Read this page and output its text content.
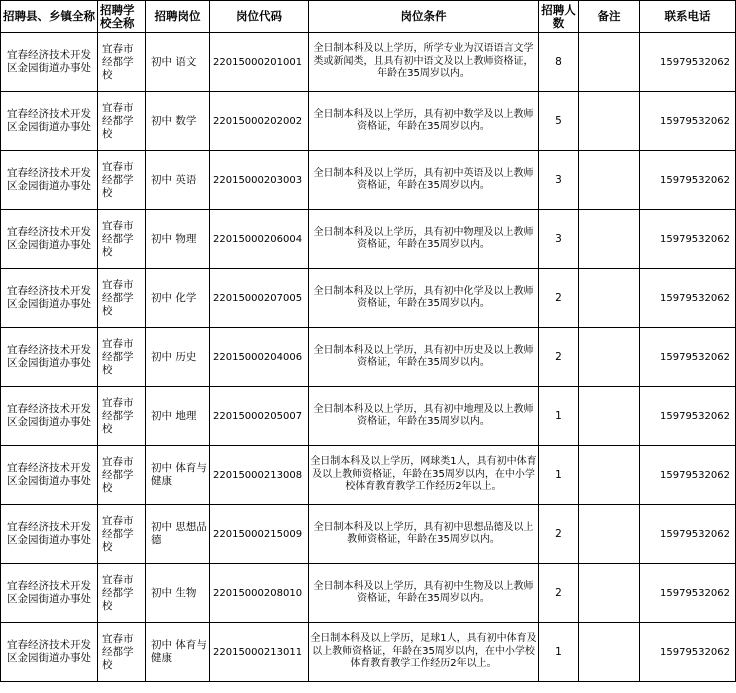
招聘县、乡镇全称	招聘学校全称	招聘岗位	岗位代码	岗位条件	招聘人数	备注	联系电话
宜春经济技术开发区金园街道办事处	宜春市经都学校	初中 语文	22015000201001	全日制本科及以上学历，所学专业为汉语语言文学类或新闻类，且具有初中语文及以上教师资格证，年龄在35周岁以内。	8		15979532062
宜春经济技术开发区金园街道办事处	宜春市经都学校	初中 数学	22015000202002	全日制本科及以上学历，具有初中数学及以上教师资格证，年龄在35周岁以内。	5		15979532062
宜春经济技术开发区金园街道办事处	宜春市经都学校	初中 英语	22015000203003	全日制本科及以上学历，具有初中英语及以上教师资格证，年龄在35周岁以内。	3		15979532062
宜春经济技术开发区金园街道办事处	宜春市经都学校	初中 物理	22015000206004	全日制本科及以上学历，具有初中物理及以上教师资格证，年龄在35周岁以内。	3		15979532062
宜春经济技术开发区金园街道办事处	宜春市经都学校	初中 化学	22015000207005	全日制本科及以上学历，具有初中化学及以上教师资格证，年龄在35周岁以内。	2		15979532062
宜春经济技术开发区金园街道办事处	宜春市经都学校	初中 历史	22015000204006	全日制本科及以上学历，具有初中历史及以上教师资格证，年龄在35周岁以内。	2		15979532062
宜春经济技术开发区金园街道办事处	宜春市经都学校	初中 地理	22015000205007	全日制本科及以上学历，具有初中地理及以上教师资格证，年龄在35周岁以内。	1		15979532062
宜春经济技术开发区金园街道办事处	宜春市经都学校	初中 体育与健康	22015000213008	全日制本科及以上学历，网球类1人，具有初中体育及以上教师资格证，年龄在35周岁以内，在中小学校体育教育教学工作经历2年以上。	1		15979532062
宜春经济技术开发区金园街道办事处	宜春市经都学校	初中 思想品德	22015000215009	全日制本科及以上学历，具有初中思想品德及以上教师资格证，年龄在35周岁以内。	2		15979532062
宜春经济技术开发区金园街道办事处	宜春市经都学校	初中 生物	22015000208010	全日制本科及以上学历，具有初中生物及以上教师资格证，年龄在35周岁以内。	2		15979532062
宜春经济技术开发区金园街道办事处	宜春市经都学校	初中 体育与健康	22015000213011	全日制本科及以上学历，足球1人，具有初中体育及以上教师资格证，年龄在35周岁以内，在中小学校体育教育教学工作经历2年以上。	1		15979532062
